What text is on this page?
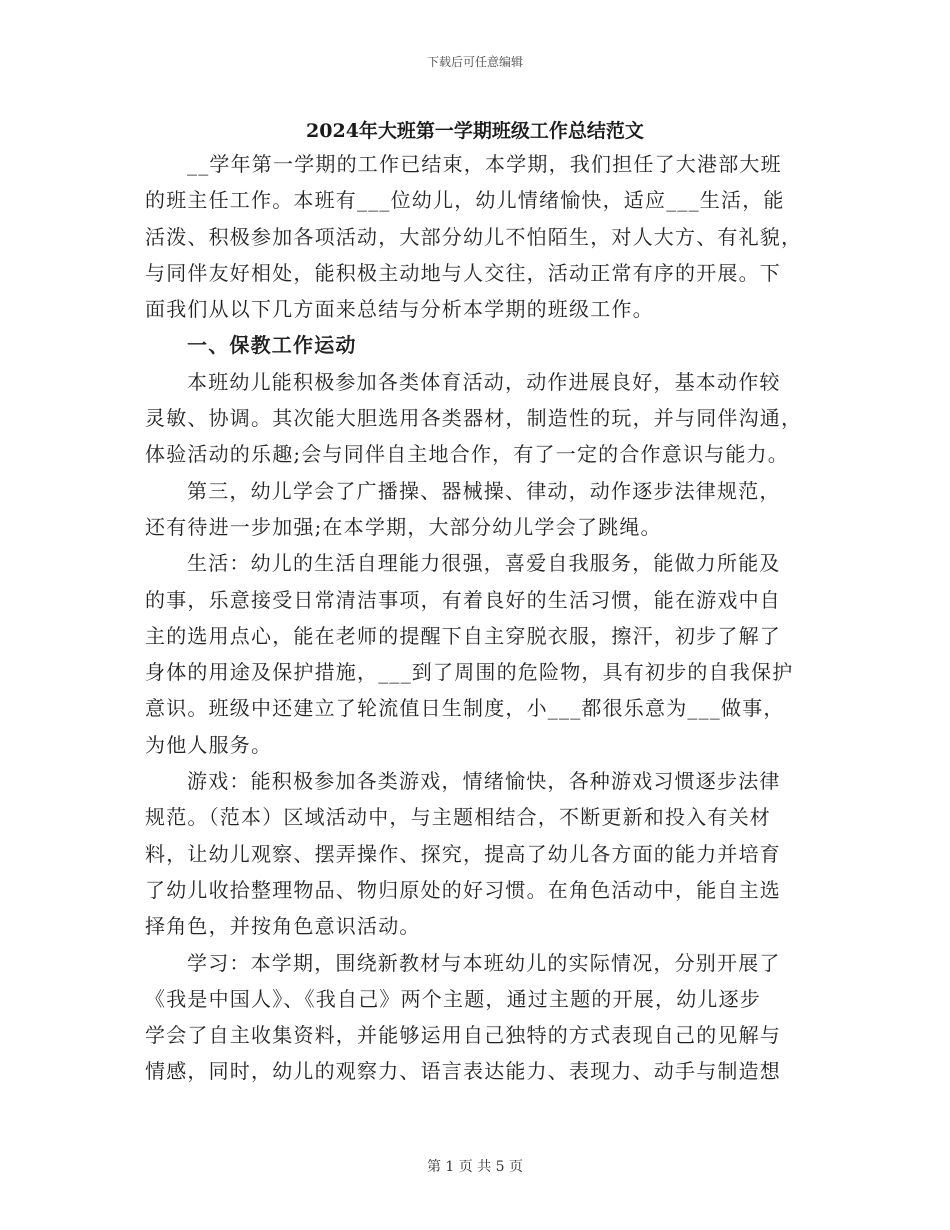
下载后可任意编辑
2024年大班第一学期班级工作总结范文
__学年第一学期的工作已结束，本学期，我们担任了大港部大班
的班主任工作。本班有___位幼儿，幼儿情绪愉快，适应___生活，能
活泼、积极参加各项活动，大部分幼儿不怕陌生，对人大方、有礼貌，
与同伴友好相处，能积极主动地与人交往，活动正常有序的开展。下
面我们从以下几方面来总结与分析本学期的班级工作。
一、保教工作运动
本班幼儿能积极参加各类体育活动，动作进展良好，基本动作较
灵敏、协调。其次能大胆选用各类器材，制造性的玩，并与同伴沟通，
体验活动的乐趣;会与同伴自主地合作，有了一定的合作意识与能力。
第三，幼儿学会了广播操、器械操、律动，动作逐步法律规范，
还有待进一步加强;在本学期，大部分幼儿学会了跳绳。
生活：幼儿的生活自理能力很强，喜爱自我服务，能做力所能及
的事，乐意接受日常清洁事项，有着良好的生活习惯，能在游戏中自
主的选用点心，能在老师的提醒下自主穿脱衣服，擦汗，初步了解了
身体的用途及保护措施，___到了周围的危险物，具有初步的自我保护
意识。班级中还建立了轮流值日生制度，小___都很乐意为___做事，
为他人服务。
游戏：能积极参加各类游戏，情绪愉快，各种游戏习惯逐步法律
规范。（范本）区域活动中，与主题相结合，不断更新和投入有关材
料，让幼儿观察、摆弄操作、探究，提高了幼儿各方面的能力并培育
了幼儿收拾整理物品、物归原处的好习惯。在角色活动中，能自主选
择角色，并按角色意识活动。
学习：本学期，围绕新教材与本班幼儿的实际情况，分别开展了
《我是中国人》、《我自己》两个主题，通过主题的开展，幼儿逐步
学会了自主收集资料，并能够运用自己独特的方式表现自己的见解与
情感，同时，幼儿的观察力、语言表达能力、表现力、动手与制造想
第 1 页 共 5 页
